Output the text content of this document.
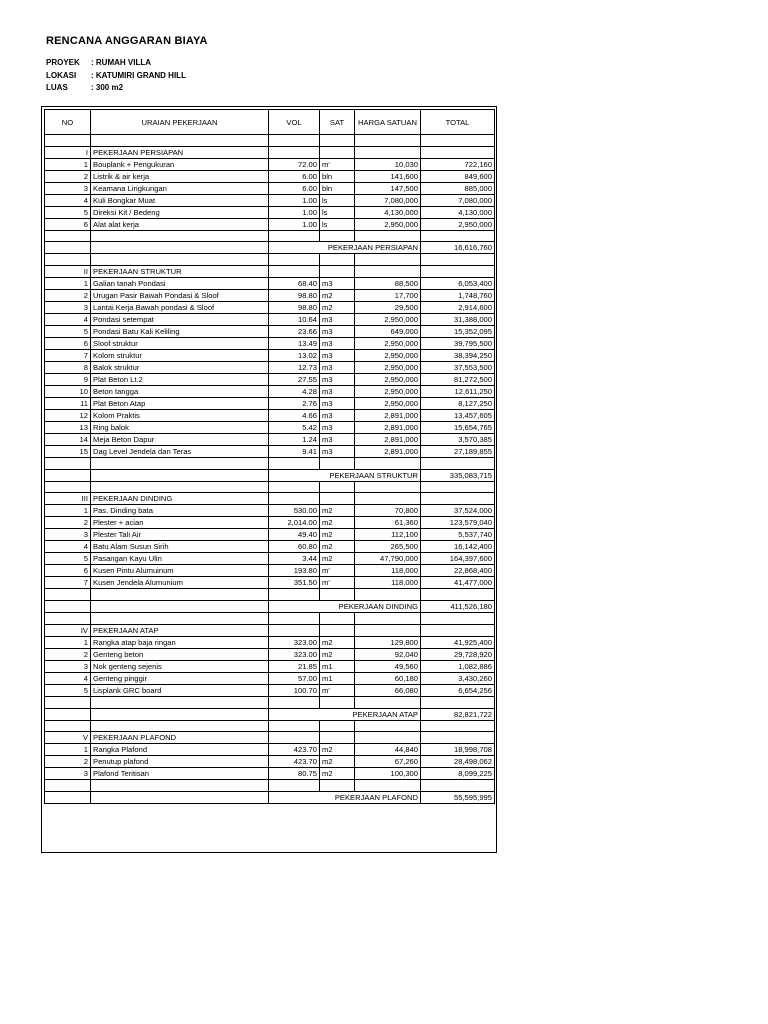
RENCANA ANGGARAN BIAYA
PROYEK : RUMAH VILLA
LOKASI : KATUMIRI GRAND HILL
LUAS	: 300 m2
NO	URAIAN PEKERJAAN	VOL	SAT	HARGA SATUAN	TOTAL

I	PEKERJAAN PERSIAPAN				
1	Bouplank + Pengukuran	72.00	m'	10,030	722,160
2	Listrik & air kerja	6.00	bln	141,600	849,600
3	Keamana Lingkungan	6.00	bln	147,500	885,000
4	Kuli Bongkar Muat	1.00	ls	7,080,000	7,080,000
5	Direksi Kit / Bedeng	1.00	ls	4,130,000	4,130,000
6	Alat alat kerja	1.00	ls	2,950,000	2,950,000

		PEKERJAAN PERSIAPAN			16,616,760

II	PEKERJAAN STRUKTUR				
1	Galian tanah Pondasi	68.40	m3	88,500	6,053,400
2	Urugan Pasir Bawah Pondasi & Sloof	98.80	m2	17,700	1,748,760
3	Lantai Kerja Bawah pondasi & Sloof	98.80	m2	29,500	2,914,600
4	Pondasi setempat	10.64	m3	2,950,000	31,388,000
5	Pondasi Batu Kali Keliling	23.66	m3	649,000	15,352,095
6	Sloof struktur	13.49	m3	2,950,000	39,795,500
7	Kolom struktur	13.02	m3	2,950,000	38,394,250
8	Balok struktur	12.73	m3	2,950,000	37,553,500
9	Plat Beton Lt.2	27.55	m3	2,950,000	81,272,500
10	Beton tangga	4.28	m3	2,950,000	12,611,250
11	Plat Beton Atap	2.76	m3	2,950,000	8,127,250
12	Kolom Praktis	4.66	m3	2,891,000	13,457,605
13	Ring balok	5.42	m3	2,891,000	15,654,765
14	Meja Beton Dapur	1.24	m3	2,891,000	3,570,385
15	Dag Level Jendela dan Teras	9.41	m3	2,891,000	27,189,855

		PEKERJAAN STRUKTUR			335,083,715

III	PEKERJAAN DINDING				
1	Pas. Dinding bata	530.00	m2	70,800	37,524,000
2	Plester + acian	2,014.00	m2	61,360	123,579,040
3	Plester Tali Air	49.40	m2	112,100	5,537,740
4	Batu Alam Susun Sirih	60.80	m2	265,500	16,142,400
5	Pasangan Kayu Ulin	3.44	m2	47,790,000	164,397,600
6	Kusen Pintu Alumuinum	193.80	m'	118,000	22,868,400
7	Kusen Jendela Alumunium	351.50	m'	118,000	41,477,000

		PEKERJAAN DINDING			411,526,180

IV	PEKERJAAN ATAP				
1	Rangka atap baja ringan	323.00	m2	129,800	41,925,400
2	Genteng beton	323.00	m2	92,040	29,728,920
3	Nok genteng sejenis	21.85	m1	49,560	1,082,886
4	Genteng pinggir	57.00	m1	60,180	3,430,260
5	Lisplank GRC board	100.70	m'	66,080	6,654,256

		PEKERJAAN ATAP			82,821,722

V	PEKERJAAN PLAFOND				
1	Rangka Plafond	423.70	m2	44,840	18,998,708
2	Penutup plafond	423.70	m2	67,260	28,498,062
3	Plafond Teritisan	80.75	m2	100,300	8,099,225

		PEKERJAAN PLAFOND			55,595,995
